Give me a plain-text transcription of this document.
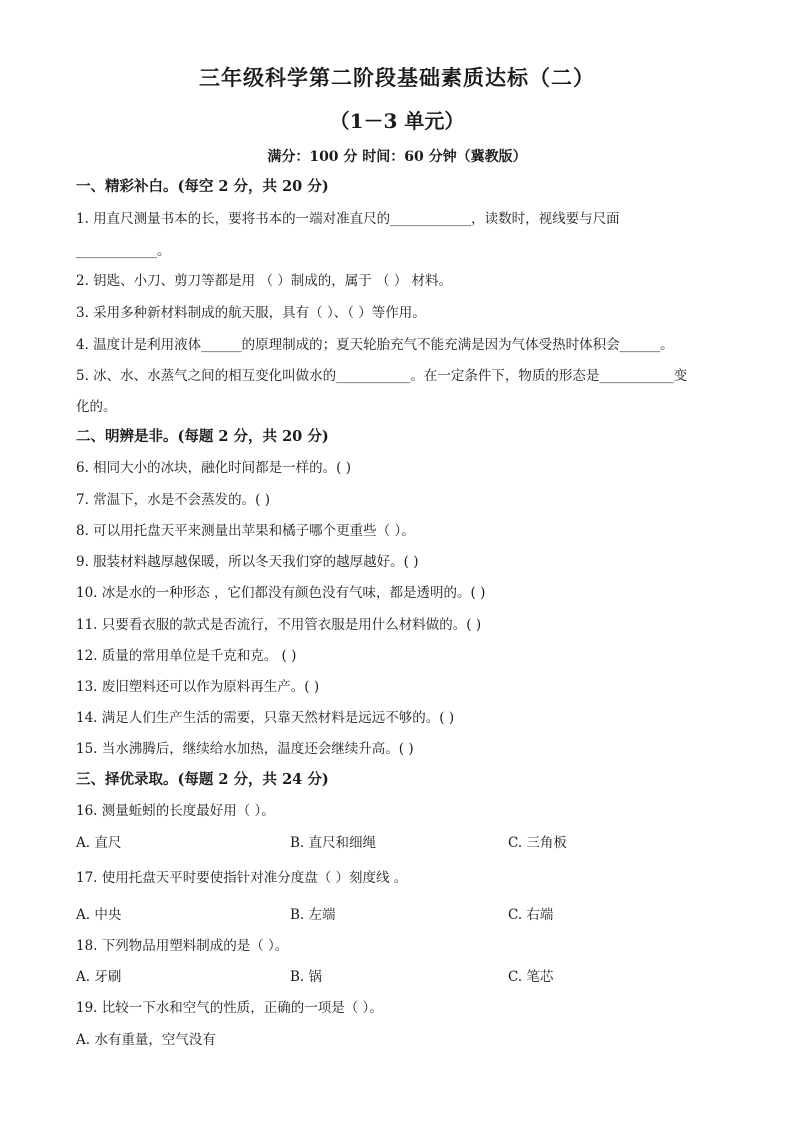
三年级科学第二阶段基础素质达标（二）
（1－3 单元）
满分：100 分 时间：60 分钟（冀教版）
一、精彩补白。(每空 2 分，共 20 分)
1. 用直尺测量书本的长，要将书本的一端对准直尺的____________，读数时，视线要与尺面
____________。
2. 钥匙、小刀、剪刀等都是用 （ ）制成的，属于 （ ） 材料。
3. 采用多种新材料制成的航天服，具有（ ）、（ ）等作用。
4. 温度计是利用液体______的原理制成的；夏天轮胎充气不能充满是因为气体受热时体积会______。
5. 冰、水、水蒸气之间的相互变化叫做水的___________。在一定条件下，物质的形态是___________变
化的。
二、明辨是非。(每题 2 分，共 20 分)
6. 相同大小的冰块，融化时间都是一样的。( )
7. 常温下，水是不会蒸发的。( )
8. 可以用托盘天平来测量出苹果和橘子哪个更重些（ ）。
9. 服装材料越厚越保暖，所以冬天我们穿的越厚越好。( )
10. 冰是水的一种形态 ，它们都没有颜色没有气味，都是透明的。( )
11. 只要看衣服的款式是否流行，不用管衣服是用什么材料做的。( )
12. 质量的常用单位是千克和克。 ( )
13. 废旧塑料还可以作为原料再生产。( )
14. 满足人们生产生活的需要，只靠天然材料是远远不够的。( )
15. 当水沸腾后，继续给水加热，温度还会继续升高。( )
三、择优录取。(每题 2 分，共 24 分)
16. 测量蚯蚓的长度最好用（ ）。
A. 直尺	B. 直尺和细绳	C. 三角板
17. 使用托盘天平时要使指针对准分度盘（ ）刻度线 。
A. 中央	B. 左端	C. 右端
18. 下列物品用塑料制成的是（ ）。
A. 牙刷	B. 锅	C. 笔芯
19. 比较一下水和空气的性质，正确的一项是（ ）。
A. 水有重量，空气没有
